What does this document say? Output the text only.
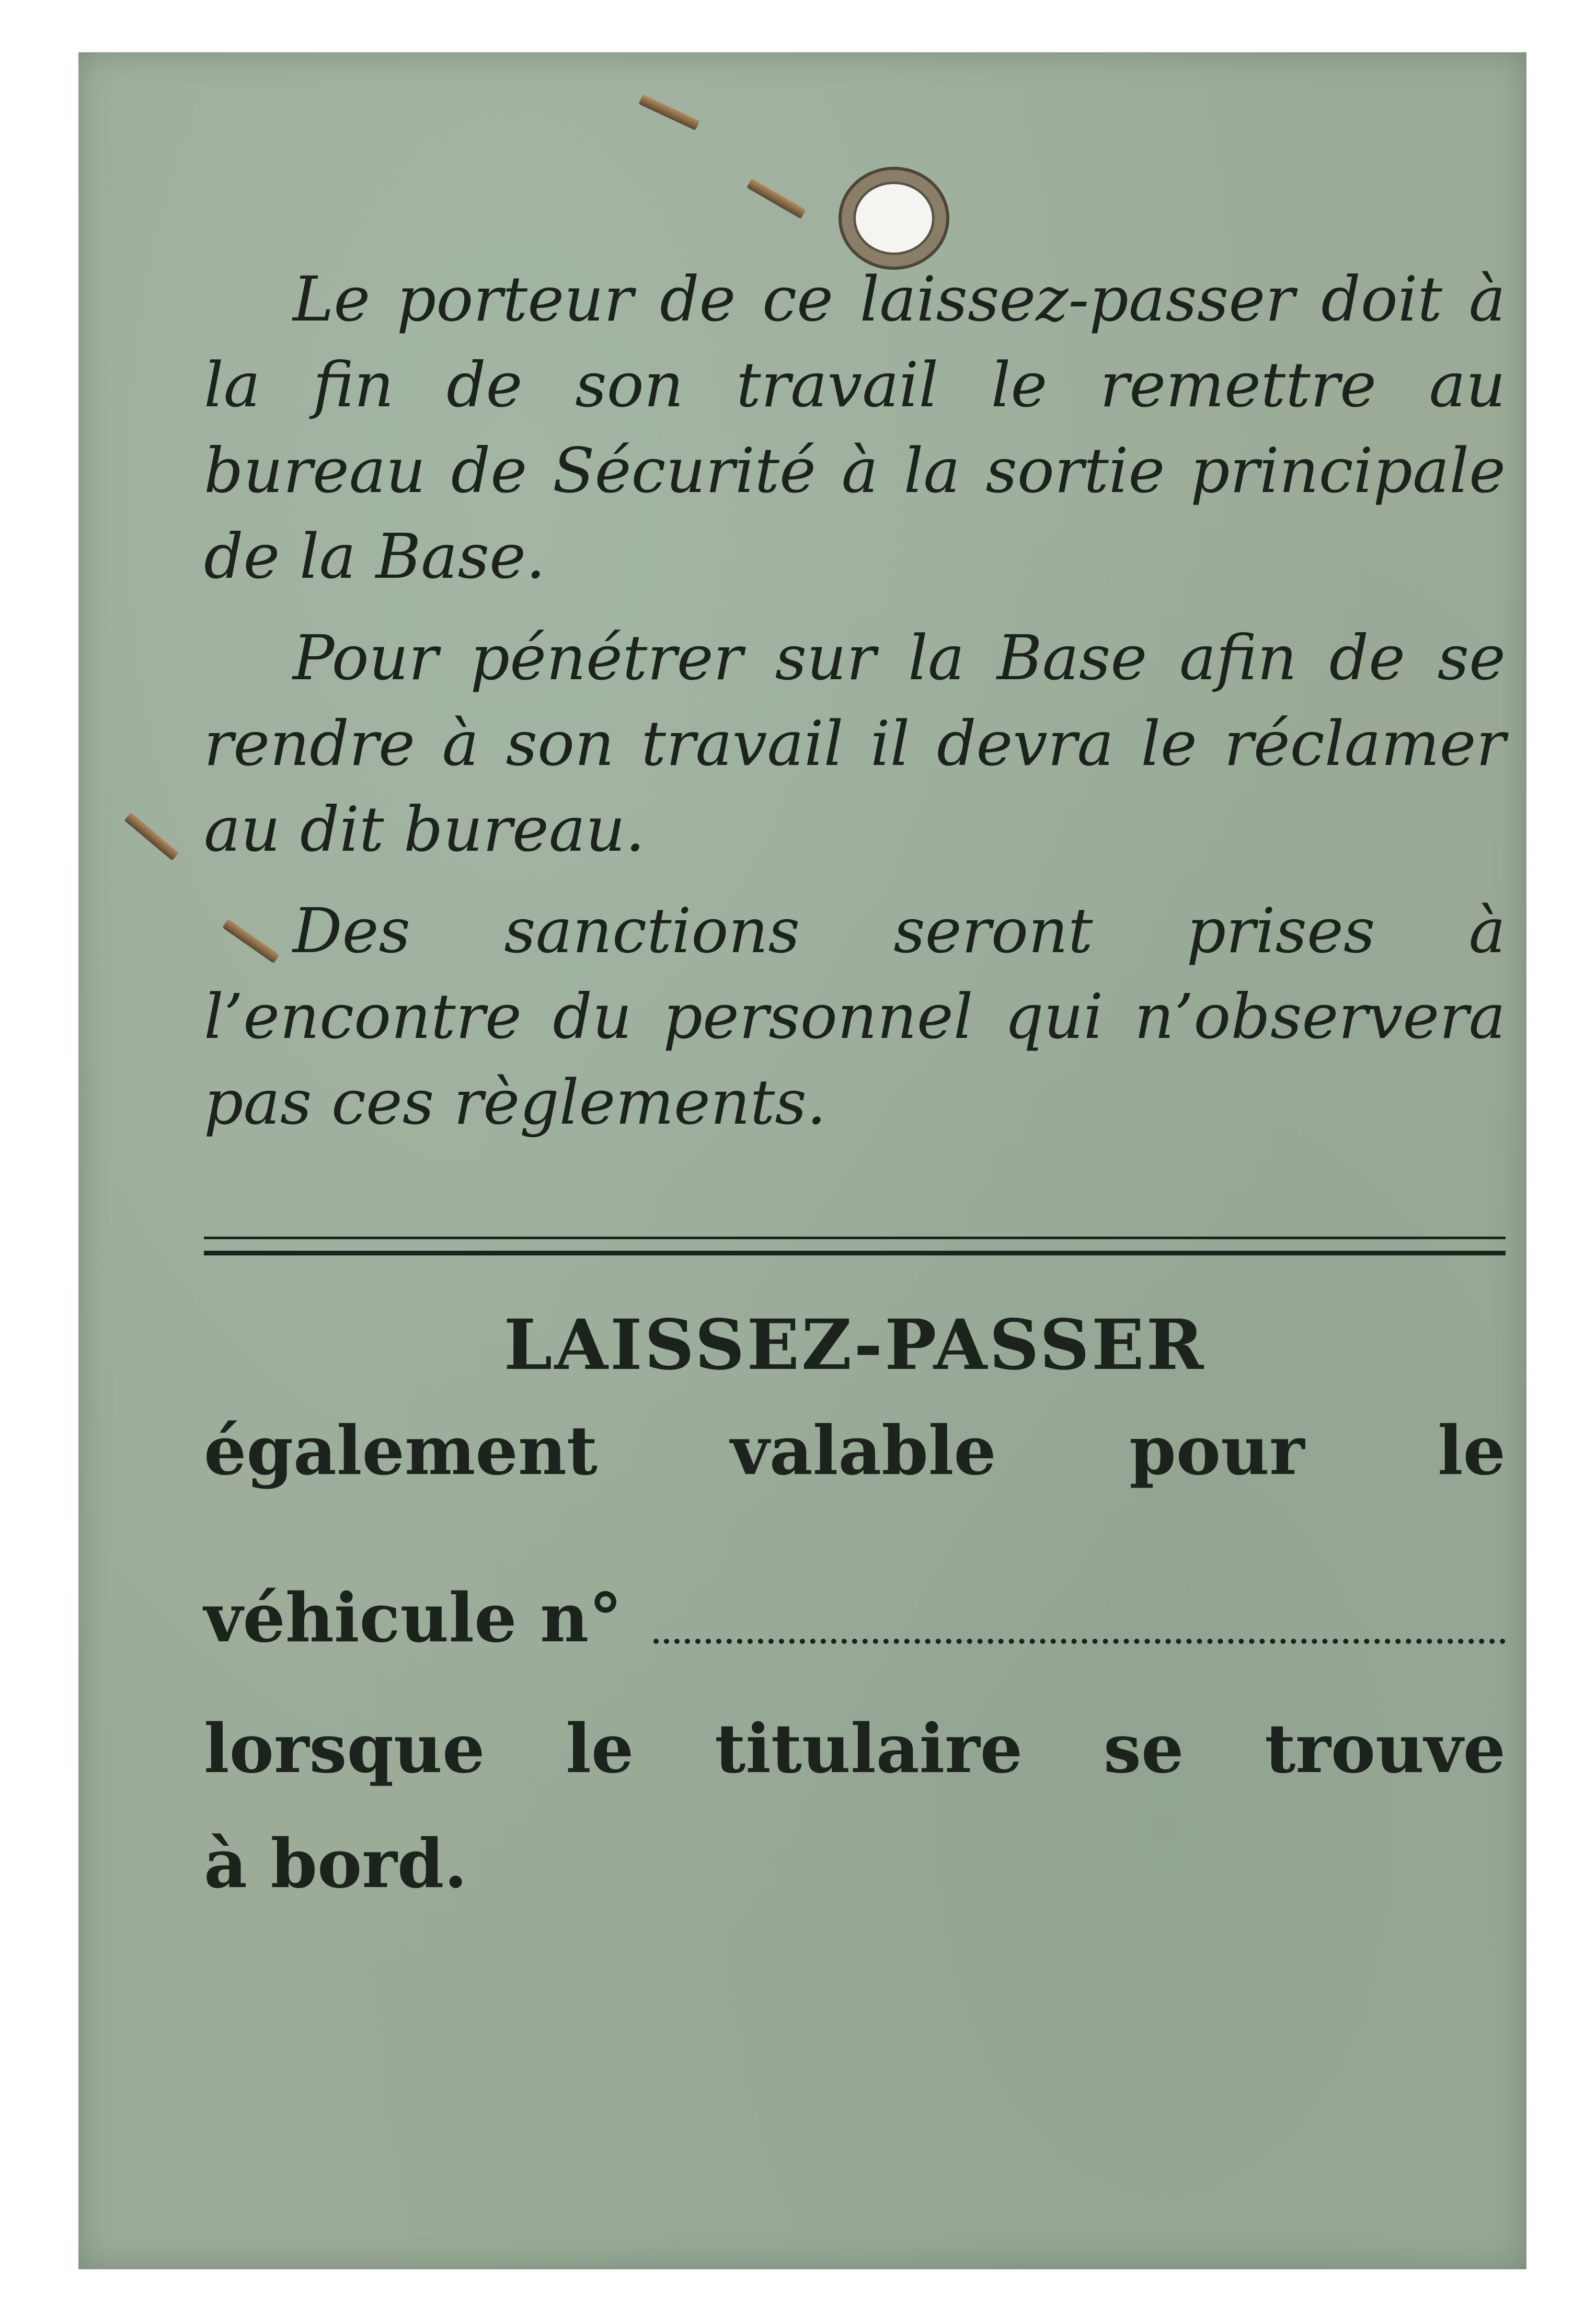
Le porteur de ce laissez-passer doit à la fin de son travail le remettre au bureau de Sécurité à la sortie principale de la Base.

Pour pénétrer sur la Base afin de se rendre à son travail il devra le réclamer au dit bureau.

Des sanctions seront prises à l’encontre du personnel qui n’observera pas ces règlements.

LAISSEZ-PASSER
également valable pour le
véhicule n°
lorsque le titulaire se trouve
à bord.
